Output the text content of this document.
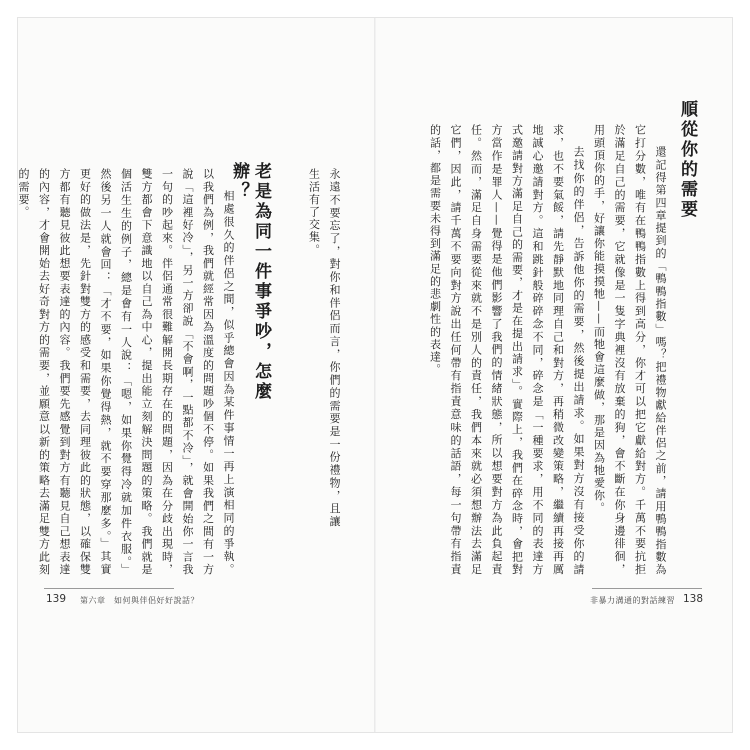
順從你的需要

還記得第四章提到的「鴨鴨指數」嗎？把禮物獻給伴侶之前，請用鴨鴨指數為它打分數，唯有在鴨鴨指數上得到高分，你才可以把它獻給對方。千萬不要抗拒於滿足自己的需要，它就像是一隻字典裡沒有放棄的狗，會不斷在你身邊徘徊，用頭頂你的手，好讓你能摸摸牠——而牠會這麼做，那是因為牠愛你。

去找你的伴侶，告訴他你的需要，然後提出請求。如果對方沒有接受你的請求，也不要氣餒，請先靜默地同理自己和對方，再稍微改變策略，繼續再接再厲地誠心邀請對方。這和跳針般碎碎念不同，碎念是「一種要求，用不同的表達方式邀請對方滿足自己的需要，才是在提出請求」。實際上，我們在碎念時，會把對方當作是罪人——覺得是他們影響了我們的情緒狀態，所以想要對方為此負起責任。然而，滿足自身需要從來就不是別人的責任，我們本來就必須想辦法去滿足它們，因此，請千萬不要向對方說出任何帶有指責意味的話語，每一句帶有指責的話，都是需要未得到滿足的悲劇性的表達。

非暴力溝通的對話練習 138

永遠不要忘了，對你和伴侶而言，你們的需要是一份禮物，且讓生活有了交集。

老是為同一件事爭吵，怎麼辦？

相處很久的伴侶之間，似乎總會因為某件事情一再上演相同的爭執。以我們為例，我們就經常因為溫度的問題吵個不停。如果我們之間有一方說「這裡好冷」，另一方卻說「不會啊，一點都不冷」，就會開始你一言我一句的吵起來。伴侶通常很難解開長期存在的問題，因為在分歧出現時，雙方都會下意識地以自己為中心，提出能立刻解決問題的策略。我們就是個活生生的例子，總是會有一人說：「嗯，如果你覺得冷就加件衣服。」然後另一人就會回：「才不要，如果你覺得熱，就不要穿那麼多。」其實更好的做法是，先針對雙方的感受和需要，去同理彼此的狀態，以確保雙方都有聽見彼此想要表達的內容。我們要先感覺到對方有聽見自己想表達的內容，才會開始去好奇對方的需要，並願意以新的策略去滿足雙方此刻的需要。

139 第六章　如何與伴侶好好說話？
